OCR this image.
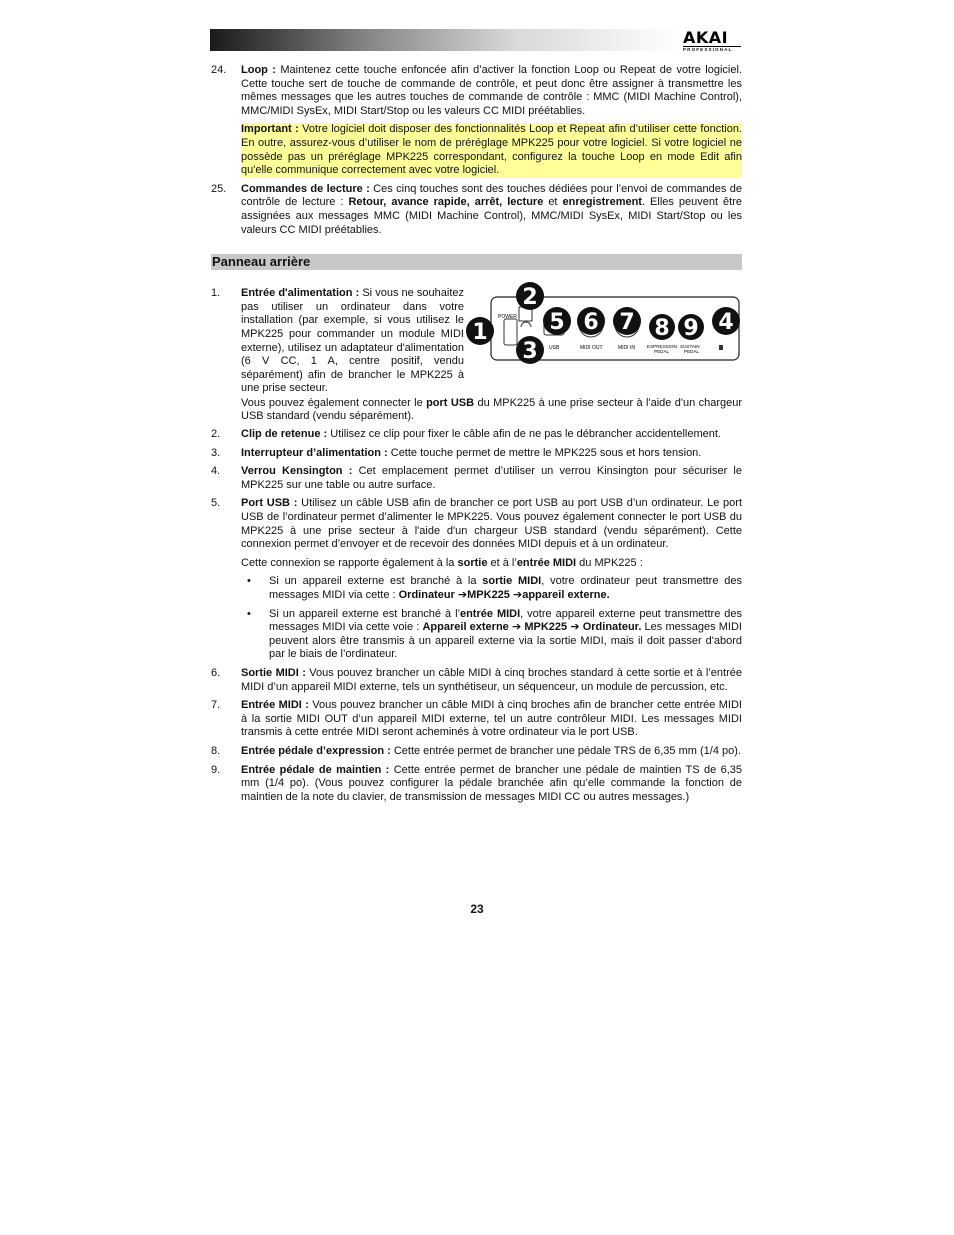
AKAI
PROFESSIONAL
24.	Loop : Maintenez cette touche enfoncée afin d’activer la fonction Loop ou Repeat de votre logiciel. Cette touche sert de touche de commande de contrôle, et peut donc être assigner à transmettre les mêmes messages que les autres touches de commande de contrôle : MMC (MIDI Machine Control), MMC/MIDI SysEx, MIDI Start/Stop ou les valeurs CC MIDI préétablies.

Important : Votre logiciel doit disposer des fonctionnalités Loop et Repeat afin d’utiliser cette fonction. En outre, assurez-vous d’utiliser le nom de préréglage MPK225 pour votre logiciel. Si votre logiciel ne possède pas un préréglage MPK225 correspondant, configurez la touche Loop en mode Edit afin qu'elle communique correctement avec votre logiciel.
25.	Commandes de lecture : Ces cinq touches sont des touches dédiées pour l’envoi de commandes de contrôle de lecture : Retour, avance rapide, arrêt, lecture et enregistrement. Elles peuvent être assignées aux messages MMC (MIDI Machine Control), MMC/MIDI SysEx, MIDI Start/Stop ou les valeurs CC MIDI préétablies.

Panneau arrière
1.
POWER
USB	MIDI OUT	MIDI IN	EXPRESSION
PEDAL
SUSTAIN
PEDAL
1
2
3
4
5 6 7 8 9

Entrée d'alimentation : Si vous ne souhaitez pas utiliser un ordinateur dans votre installation (par exemple, si vous utilisez le MPK225 pour commander un module MIDI externe), utilisez un adaptateur d'alimentation (6 V CC, 1 A, centre positif, vendu séparément) afin de brancher le MPK225 à une prise secteur.

Vous pouvez également connecter le port USB du MPK225 à une prise secteur à l'aide d'un chargeur USB standard (vendu séparément).

2.	Clip de retenue : Utilisez ce clip pour fixer le câble afin de ne pas le débrancher accidentellement.

3.	Interrupteur d’alimentation : Cette touche permet de mettre le MPK225 sous et hors tension.

4.	Verrou Kensington : Cet emplacement permet d’utiliser un verrou Kinsington pour sécuriser le MPK225 sur une table ou autre surface.

5.	Port USB : Utilisez un câble USB afin de brancher ce port USB au port USB d’un ordinateur. Le port USB de l’ordinateur permet d’alimenter le MPK225. Vous pouvez également connecter le port USB du MPK225 à une prise secteur à l'aide d'un chargeur USB standard (vendu séparément). Cette connexion permet d’envoyer et de recevoir des données MIDI depuis et à un ordinateur.

Cette connexion se rapporte également à la sortie et à l’entrée MIDI du MPK225 :

• Si un appareil externe est branché à la sortie MIDI, votre ordinateur peut transmettre des messages MIDI via cette : Ordinateur ➔MPK225 ➔appareil externe.
• Si un appareil externe est branché à l’entrée MIDI, votre appareil externe peut transmettre des messages MIDI via cette voie : Appareil externe ➔ MPK225 ➔ Ordinateur. Les messages MIDI peuvent alors être transmis à un appareil externe via la sortie MIDI, mais il doit passer d'abord par le biais de l’ordinateur.
6.	Sortie MIDI : Vous pouvez brancher un câble MIDI à cinq broches standard à cette sortie et à l’entrée MIDI d’un appareil MIDI externe, tels un synthétiseur, un séquenceur, un module de percussion, etc.

7.	Entrée MIDI : Vous pouvez brancher un câble MIDI à cinq broches afin de brancher cette entrée MIDI à la sortie MIDI OUT d’un appareil MIDI externe, tel un autre contrôleur MIDI. Les messages MIDI transmis à cette entrée MIDI seront acheminés à votre ordinateur via le port USB.

8.	Entrée pédale d’expression : Cette entrée permet de brancher une pédale TRS de 6,35 mm (1/4 po).

9.	Entrée pédale de maintien : Cette entrée permet de brancher une pédale de maintien TS de 6,35 mm (1/4 po). (Vous pouvez configurer la pédale branchée afin qu’elle commande la fonction de maintien de la note du clavier, de transmission de messages MIDI CC ou autres messages.)

23
